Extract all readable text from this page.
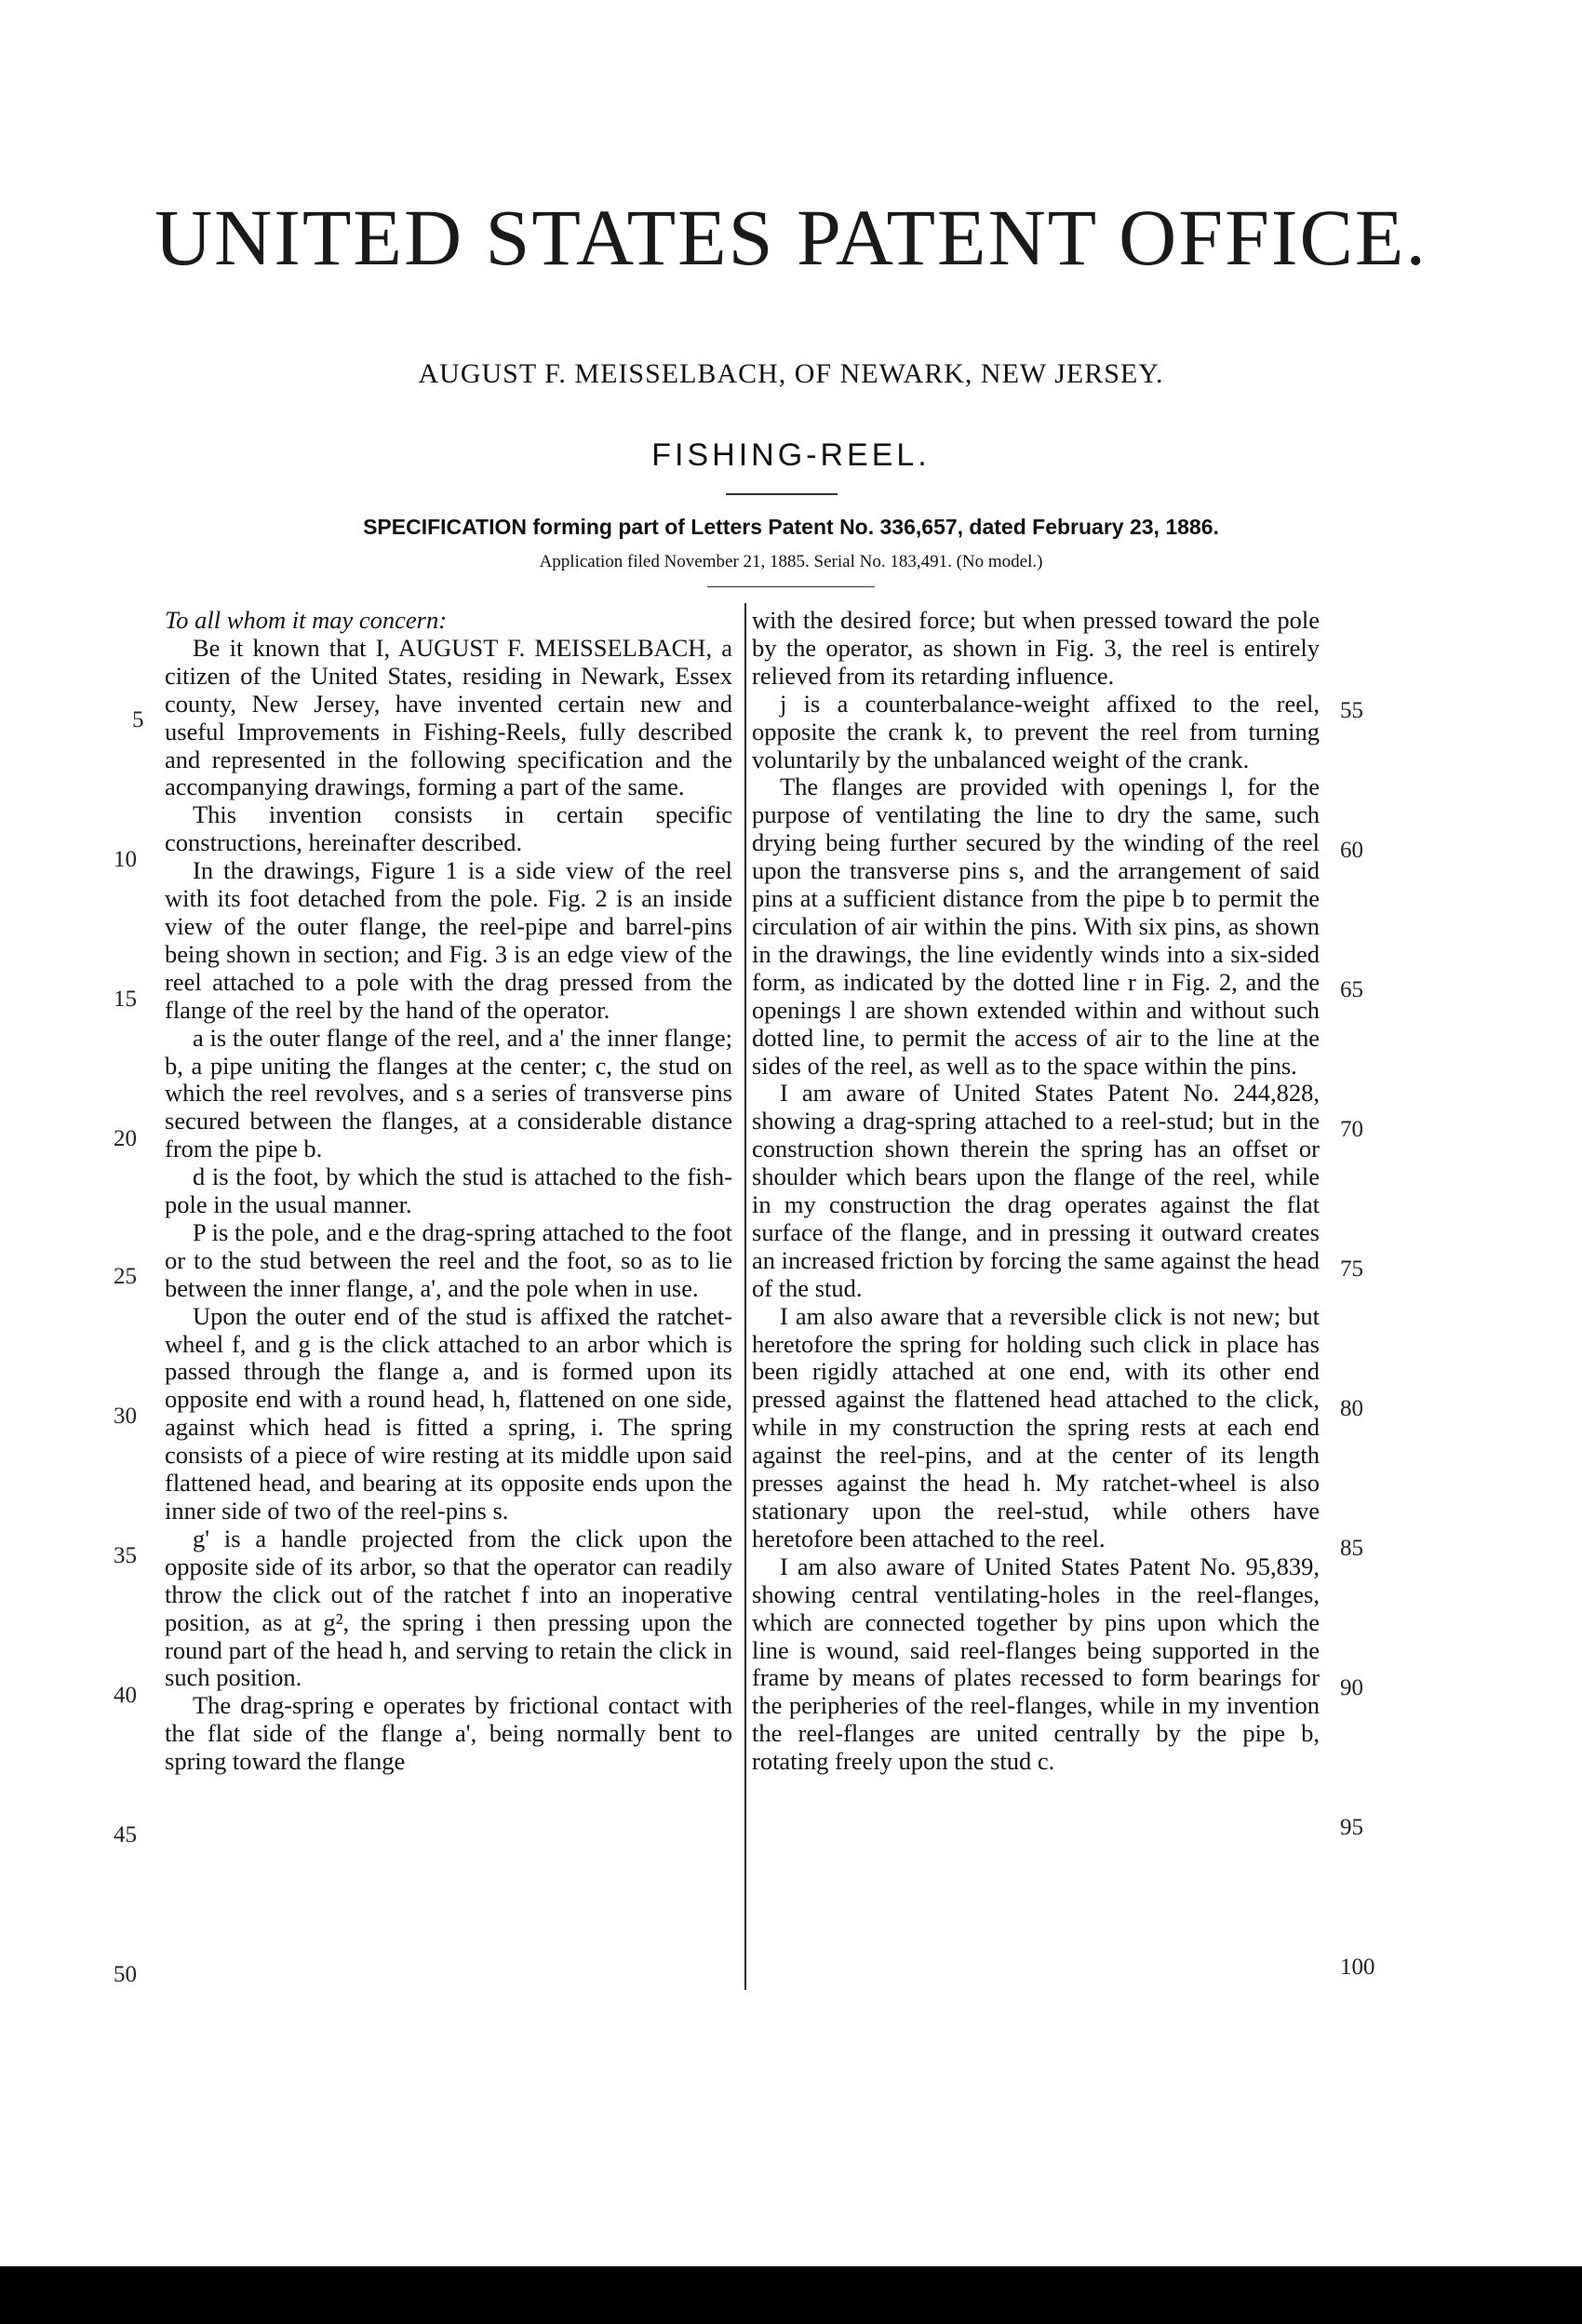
UNITED STATES PATENT OFFICE.
AUGUST F. MEISSELBACH, OF NEWARK, NEW JERSEY.
FISHING-REEL.
SPECIFICATION forming part of Letters Patent No. 336,657, dated February 23, 1886.
Application filed November 21, 1885. Serial No. 183,491. (No model.)

To all whom it may concern:

Be it known that I, AUGUST F. MEISSELBACH, a citizen of the United States, residing in Newark, Essex county, New Jersey, have invented certain new and useful Improvements in Fishing-Reels, fully described and represented in the following specification and the accompanying drawings, forming a part of the same.

This invention consists in certain specific constructions, hereinafter described.

In the drawings, Figure 1 is a side view of the reel with its foot detached from the pole. Fig. 2 is an inside view of the outer flange, the reel-pipe and barrel-pins being shown in section; and Fig. 3 is an edge view of the reel attached to a pole with the drag pressed from the flange of the reel by the hand of the operator.

a is the outer flange of the reel, and a' the inner flange; b, a pipe uniting the flanges at the center; c, the stud on which the reel revolves, and s a series of transverse pins secured between the flanges, at a considerable distance from the pipe b.

d is the foot, by which the stud is attached to the fish-pole in the usual manner.

P is the pole, and e the drag-spring attached to the foot or to the stud between the reel and the foot, so as to lie between the inner flange, a', and the pole when in use.

Upon the outer end of the stud is affixed the ratchet-wheel f, and g is the click attached to an arbor which is passed through the flange a, and is formed upon its opposite end with a round head, h, flattened on one side, against which head is fitted a spring, i. The spring consists of a piece of wire resting at its middle upon said flattened head, and bearing at its opposite ends upon the inner side of two of the reel-pins s.

g' is a handle projected from the click upon the opposite side of its arbor, so that the operator can readily throw the click out of the ratchet f into an inoperative position, as at g², the spring i then pressing upon the round part of the head h, and serving to retain the click in such position.

The drag-spring e operates by frictional contact with the flat side of the flange a', being normally bent to spring toward the flange

with the desired force; but when pressed toward the pole by the operator, as shown in Fig. 3, the reel is entirely relieved from its retarding influence.

j is a counterbalance-weight affixed to the reel, opposite the crank k, to prevent the reel from turning voluntarily by the unbalanced weight of the crank.

The flanges are provided with openings l, for the purpose of ventilating the line to dry the same, such drying being further secured by the winding of the reel upon the transverse pins s, and the arrangement of said pins at a sufficient distance from the pipe b to permit the circulation of air within the pins. With six pins, as shown in the drawings, the line evidently winds into a six-sided form, as indicated by the dotted line r in Fig. 2, and the openings l are shown extended within and without such dotted line, to permit the access of air to the line at the sides of the reel, as well as to the space within the pins.

I am aware of United States Patent No. 244,828, showing a drag-spring attached to a reel-stud; but in the construction shown therein the spring has an offset or shoulder which bears upon the flange of the reel, while in my construction the drag operates against the flat surface of the flange, and in pressing it outward creates an increased friction by forcing the same against the head of the stud.

I am also aware that a reversible click is not new; but heretofore the spring for holding such click in place has been rigidly attached at one end, with its other end pressed against the flattened head attached to the click, while in my construction the spring rests at each end against the reel-pins, and at the center of its length presses against the head h. My ratchet-wheel is also stationary upon the reel-stud, while others have heretofore been attached to the reel.

I am also aware of United States Patent No. 95,839, showing central ventilating-holes in the reel-flanges, which are connected together by pins upon which the line is wound, said reel-flanges being supported in the frame by means of plates recessed to form bearings for the peripheries of the reel-flanges, while in my invention the reel-flanges are united centrally by the pipe b, rotating freely upon the stud c.

5
10
15
20
25
30
35
40
45
50
55
60
65
70
75
80
85
90
95
100
